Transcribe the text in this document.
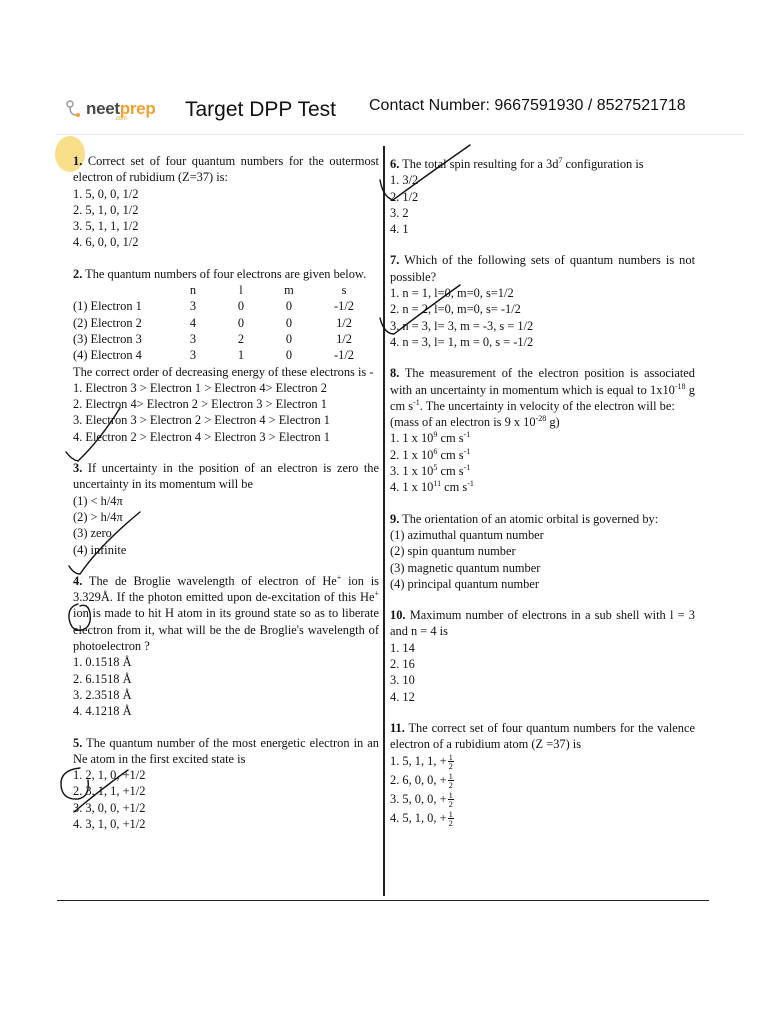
neetprep
.com	Target DPP Test Contact Number: 9667591930 / 8527521718
1. Correct set of four quantum numbers for the outermost electron of rubidium (Z=37) is:
1. 5, 0, 0, 1/2
2. 5, 1, 0, 1/2
3. 5, 1, 1, 1/2
4. 6, 0, 0, 1/2
2. The quantum numbers of four electrons are given below.
	n	l	m	s
(1) Electron 1	3	0	0	-1/2
(2) Electron 2	4	0	0	1/2
(3) Electron 3	3	2	0	1/2
(4) Electron 4	3	1	0	-1/2
The correct order of decreasing energy of these electrons is -
1. Electron 3 > Electron 1 > Electron 4> Electron 2
2. Electron 4> Electron 2 > Electron 3 > Electron 1
3. Electron 3 > Electron 2 > Electron 4 > Electron 1
4. Electron 2 > Electron 4 > Electron 3 > Electron 1
3. If uncertainty in the position of an electron is zero the uncertainty in its momentum will be
(1) < h/4π
(2) > h/4π
(3) zero
(4) infinite
4. The de Broglie wavelength of electron of He+ ion is 3.329Å. If the photon emitted upon de-excitation of this He+ ion is made to hit H atom in its ground state so as to liberate electron from it, what will be the de Broglie's wavelength of photoelectron ?
1. 0.1518 Å
2. 6.1518 Å
3. 2.3518 Å
4. 4.1218 Å
5. The quantum number of the most energetic electron in an Ne atom in the first excited state is
1. 2, 1, 0, +1/2
2. 3, 1, 1, +1/2
3. 3, 0, 0, +1/2
4. 3, 1, 0, +1/2
6. The total spin resulting for a $3d^7$ configuration is
1. 3/2
2. 1/2
3. 2
4. 1
7. Which of the following sets of quantum numbers is not possible?
1. n = 1, l=0, m=0, s=1/2
2. n = 2, l=0, m=0, s= -1/2
3. n = 3, l= 3, m = -3, s = 1/2
4. n = 3, l= 1, m = 0, s = -1/2
8. The measurement of the electron position is associated with an uncertainty in momentum which is equal to $1x10^{-18}$ g cm $s^{-1}$. The uncertainty in velocity of the electron will be:
(mass of an electron is 9 x $10^{-28}$ g)
1. 1 x $10^9$ cm $s^{-1}$
2. 1 x $10^6$ cm $s^{-1}$
3. 1 x $10^5$ cm $s^{-1}$
4. 1 x $10^{11}$ cm $s^{-1}$
9. The orientation of an atomic orbital is governed by:
(1) azimuthal quantum number
(2) spin quantum number
(3) magnetic quantum number
(4) principal quantum number
10. Maximum number of electrons in a sub shell with l = 3 and n = 4 is
1. 14
2. 16
3. 10
4. 12
11. The correct set of four quantum numbers for the valence electron of a rubidium atom (Z =37) is
1. 5, 1, 1, + $\frac{1}{2}$
2. 6, 0, 0, + $\frac{1}{2}$
3. 5, 0, 0, + $\frac{1}{2}$
4. 5, 1, 0, + $\frac{1}{2}$
